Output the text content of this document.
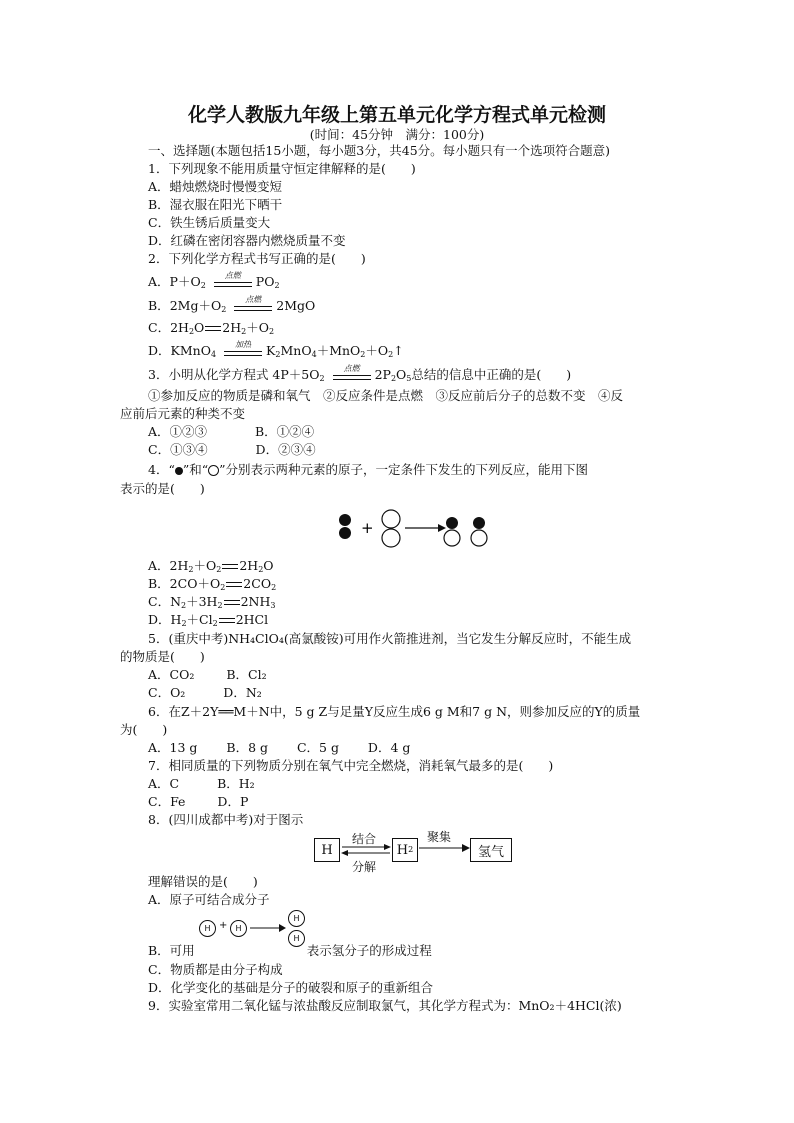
化学人教版九年级上第五单元化学方程式单元检测
(时间：45分钟　满分：100分)
一、选择题(本题包括15小题，每小题3分，共45分。每小题只有一个选项符合题意)
1．下列现象不能用质量守恒定律解释的是(　　)
A．蜡烛燃烧时慢慢变短
B．湿衣服在阳光下晒干
C．铁生锈后质量变大
D．红磷在密闭容器内燃烧质量不变
2．下列化学方程式书写正确的是(　　)
A．$P+O_2$
点燃	$PO_2$
B．$2Mg+O_2$
点燃	2MgO
C．$2H_2O$ $2H_2+O_2$
D．KMnO$_4$
加热	$K_2MnO_4+MnO_2+O_2↑$
3．小明从化学方程式 $4P+5O_2$
点燃	$2P_2O_5$总结的信息中正确的是(　　)
①参加反应的物质是磷和氧气　②反应条件是点燃　③反应前后分子的总数不变　④反
应前后元素的种类不变
A．①②③	B．①②④
C．①③④	D．②③④
4．“ ”和“ ”分别表示两种元素的原子，一定条件下发生的下列反应，能用下图
表示的是(　　)
+
A．$2H_2+O_2$ $2H_2O$
B．$2CO+O_2$ $2CO_2$
C．$N_2+3H_2$ $2NH_3$
D．$H_2+Cl_2$ 2HCl
5．(重庆中考)NH₄ClO₄(高氯酸铵)可用作火箭推进剂，当它发生分解反应时，不能生成
的物质是(　　)
A．CO₂	B．Cl₂
C．O₂	D．N₂
6．在Z＋2Y══M＋N中，5 g Z与足量Y反应生成6 g M和7 g N，则参加反应的Y的质量
为(　　)
A．13 g　　 B．8 g　　 C．5 g　　 D．4 g
7．相同质量的下列物质分别在氧气中完全燃烧，消耗氧气最多的是(　　)
A．C	B．H₂
C．Fe	D．P
8．(四川成都中考)对于图示
H
结合
分解
H 2
聚集
氢气
理解错误的是(　　)
A．原子可结合成分子
H +	H
H
H
B．可用	表示氢分子的形成过程
C．物质都是由分子构成
D．化学变化的基础是分子的破裂和原子的重新组合
9．实验室常用二氧化锰与浓盐酸反应制取氯气，其化学方程式为：MnO₂＋4HCl(浓)
